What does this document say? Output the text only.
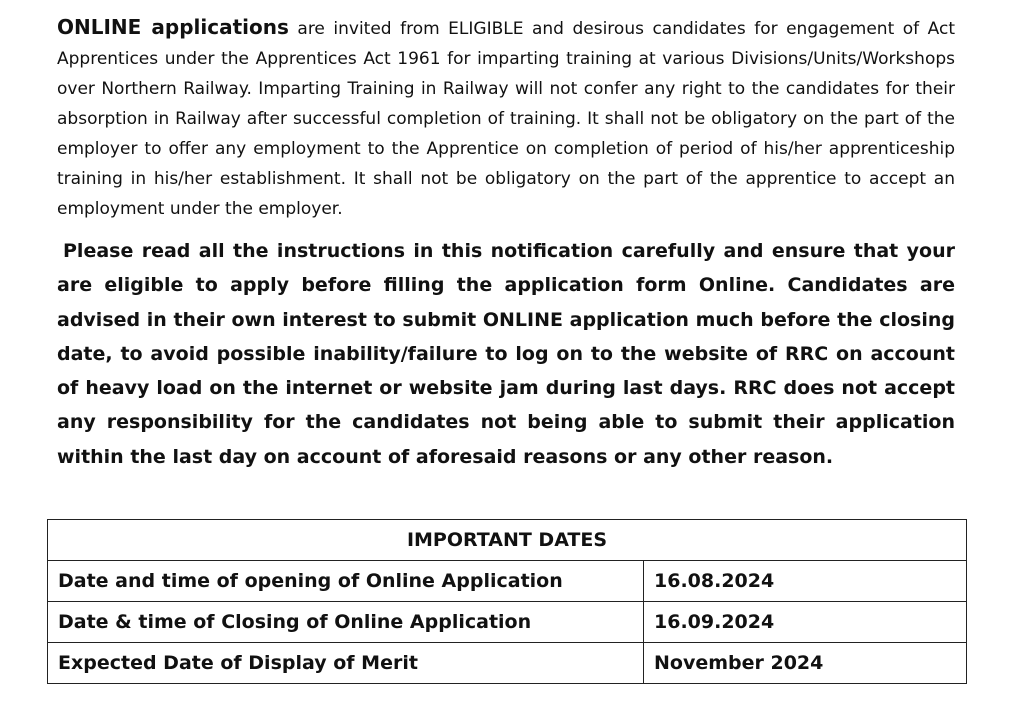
ONLINE applications are invited from ELIGIBLE and desirous candidates for engagement of Act Apprentices under the Apprentices Act 1961 for imparting training at various Divisions/Units/Workshops over Northern Railway. Imparting Training in Railway will not confer any right to the candidates for their absorption in Railway after successful completion of training. It shall not be obligatory on the part of the employer to offer any employment to the Apprentice on completion of period of his/her apprenticeship training in his/her establishment. It shall not be obligatory on the part of the apprentice to accept an employment under the employer.

Please read all the instructions in this notification carefully and ensure that your are eligible to apply before filling the application form Online. Candidates are advised in their own interest to submit ONLINE application much before the closing date, to avoid possible inability/failure to log on to the website of RRC on account of heavy load on the internet or website jam during last days. RRC does not accept any responsibility for the candidates not being able to submit their application within the last day on account of aforesaid reasons or any other reason.

IMPORTANT DATES	
Date and time of opening of Online Application	16.08.2024
Date & time of Closing of Online Application	16.09.2024
Expected Date of Display of Merit	November 2024
